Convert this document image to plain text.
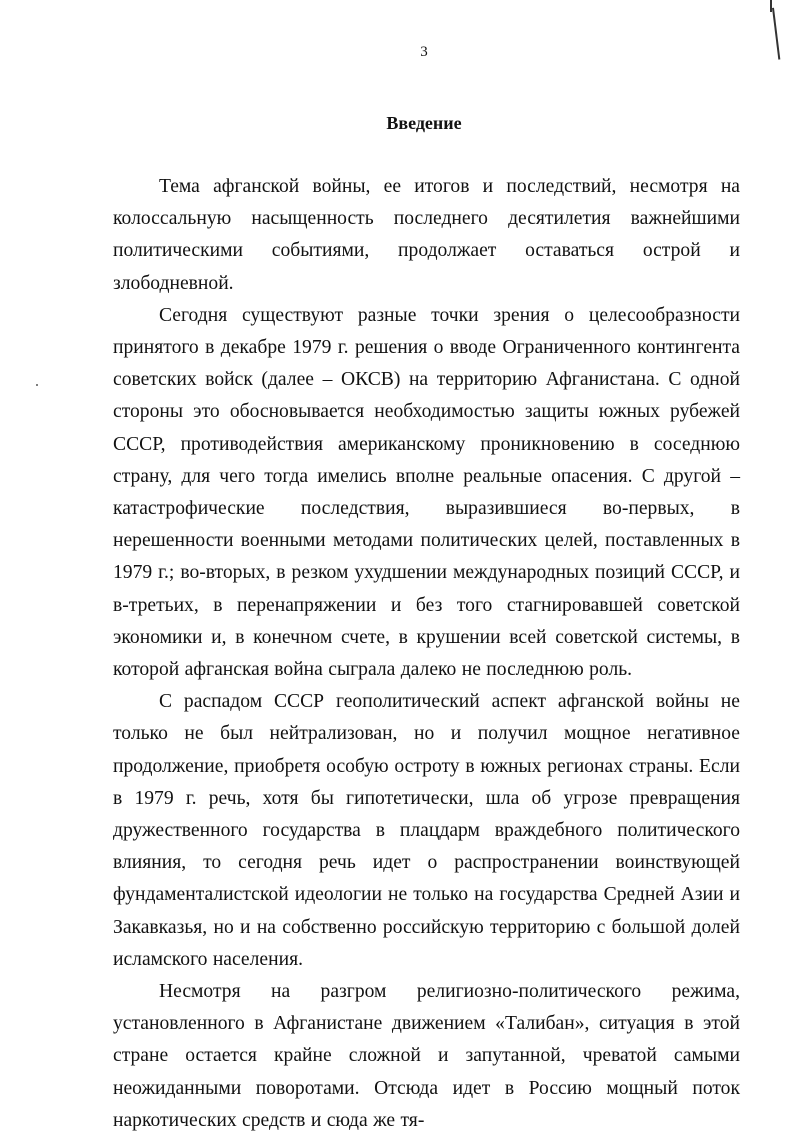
3
Введение

Тема афганской войны, ее итогов и последствий, несмотря на колоссальную насыщенность последнего десятилетия важнейшими политическими событиями, продолжает оставаться острой и злободневной.

Сегодня существуют разные точки зрения о целесообразности принятого в декабре 1979 г. решения о вводе Ограниченного контингента советских войск (далее – ОКСВ) на территорию Афганистана. С одной стороны это обосновывается необходимостью защиты южных рубежей СССР, противодействия американскому проникновению в соседнюю страну, для чего тогда имелись вполне реальные опасения. С другой – катастрофические последствия, выразившиеся во-первых, в нерешенности военными методами политических целей, поставленных в 1979 г.; во-вторых, в резком ухудшении международных позиций СССР, и в-третьих, в перенапряжении и без того стагнировавшей советской экономики и, в конечном счете, в крушении всей советской системы, в которой афганская война сыграла далеко не последнюю роль.

С распадом СССР геополитический аспект афганской войны не только не был нейтрализован, но и получил мощное негативное продолжение, приобретя особую остроту в южных регионах страны. Если в 1979 г. речь, хотя бы гипотетически, шла об угрозе превращения дружественного государства в плацдарм враждебного политического влияния, то сегодня речь идет о распространении воинствующей фундаменталистской идеологии не только на государства Средней Азии и Закавказья, но и на собственно российскую территорию с большой долей исламского населения.

Несмотря на разгром религиозно-политического режима, установленного в Афганистане движением «Талибан», ситуация в этой стране остается крайне сложной и запутанной, чреватой самыми неожиданными поворотами. Отсюда идет в Россию мощный поток наркотических средств и сюда же тя-
